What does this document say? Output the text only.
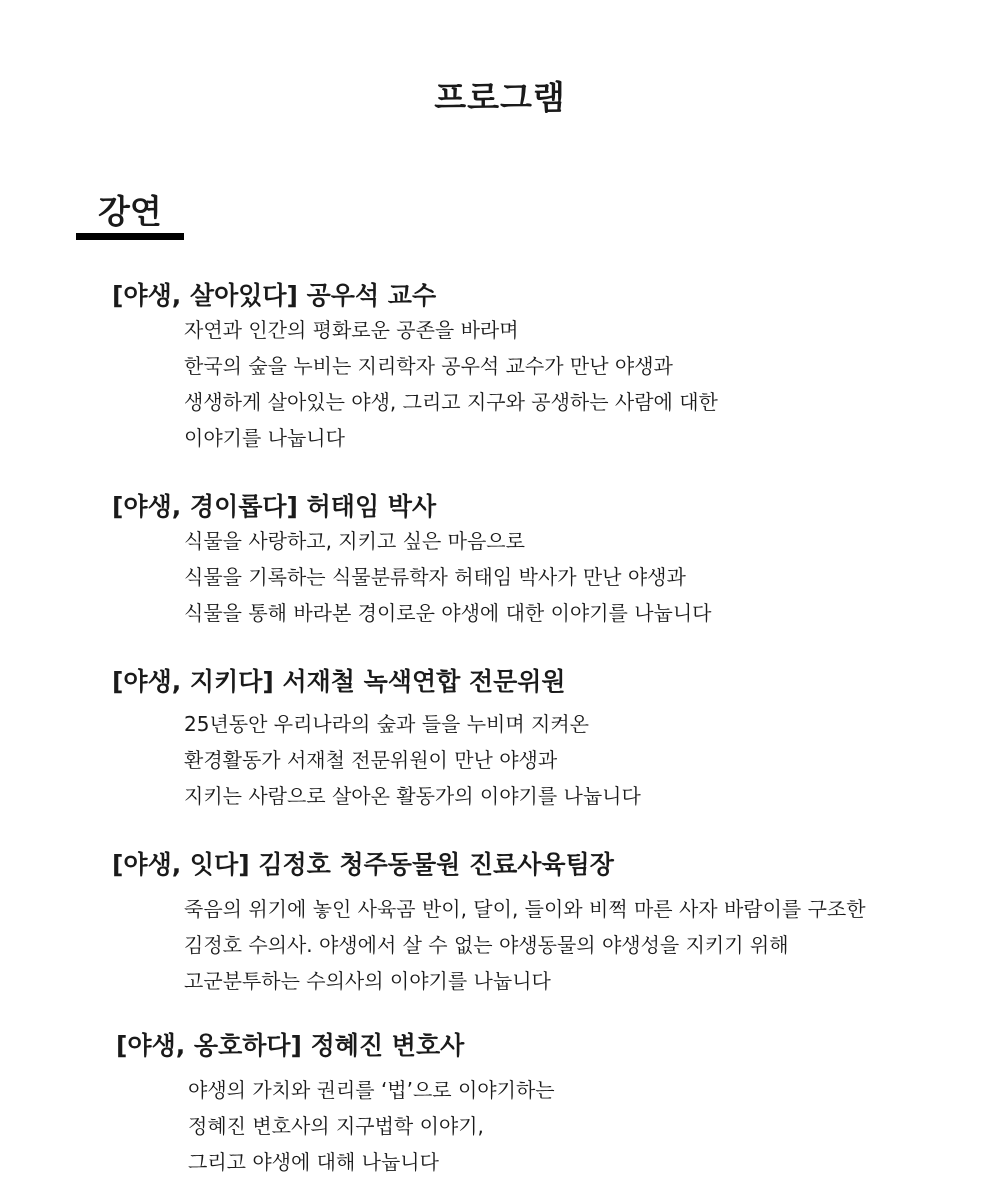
프로그램
강연
[야생, 살아있다] 공우석 교수
자연과 인간의 평화로운 공존을 바라며
한국의 숲을 누비는 지리학자 공우석 교수가 만난 야생과
생생하게 살아있는 야생, 그리고 지구와 공생하는 사람에 대한
이야기를 나눕니다
[야생, 경이롭다] 허태임 박사
식물을 사랑하고, 지키고 싶은 마음으로
식물을 기록하는 식물분류학자 허태임 박사가 만난 야생과
식물을 통해 바라본 경이로운 야생에 대한 이야기를 나눕니다
[야생, 지키다] 서재철 녹색연합 전문위원
25년동안 우리나라의 숲과 들을 누비며 지켜온
환경활동가 서재철 전문위원이 만난 야생과
지키는 사람으로 살아온 활동가의 이야기를 나눕니다
[야생, 잇다] 김정호 청주동물원 진료사육팀장
죽음의 위기에 놓인 사육곰 반이, 달이, 들이와 비쩍 마른 사자 바람이를 구조한
김정호 수의사. 야생에서 살 수 없는 야생동물의 야생성을 지키기 위해
고군분투하는 수의사의 이야기를 나눕니다
[야생, 옹호하다] 정혜진 변호사
야생의 가치와 권리를 ‘법’으로 이야기하는
정혜진 변호사의 지구법학 이야기,
그리고 야생에 대해 나눕니다
